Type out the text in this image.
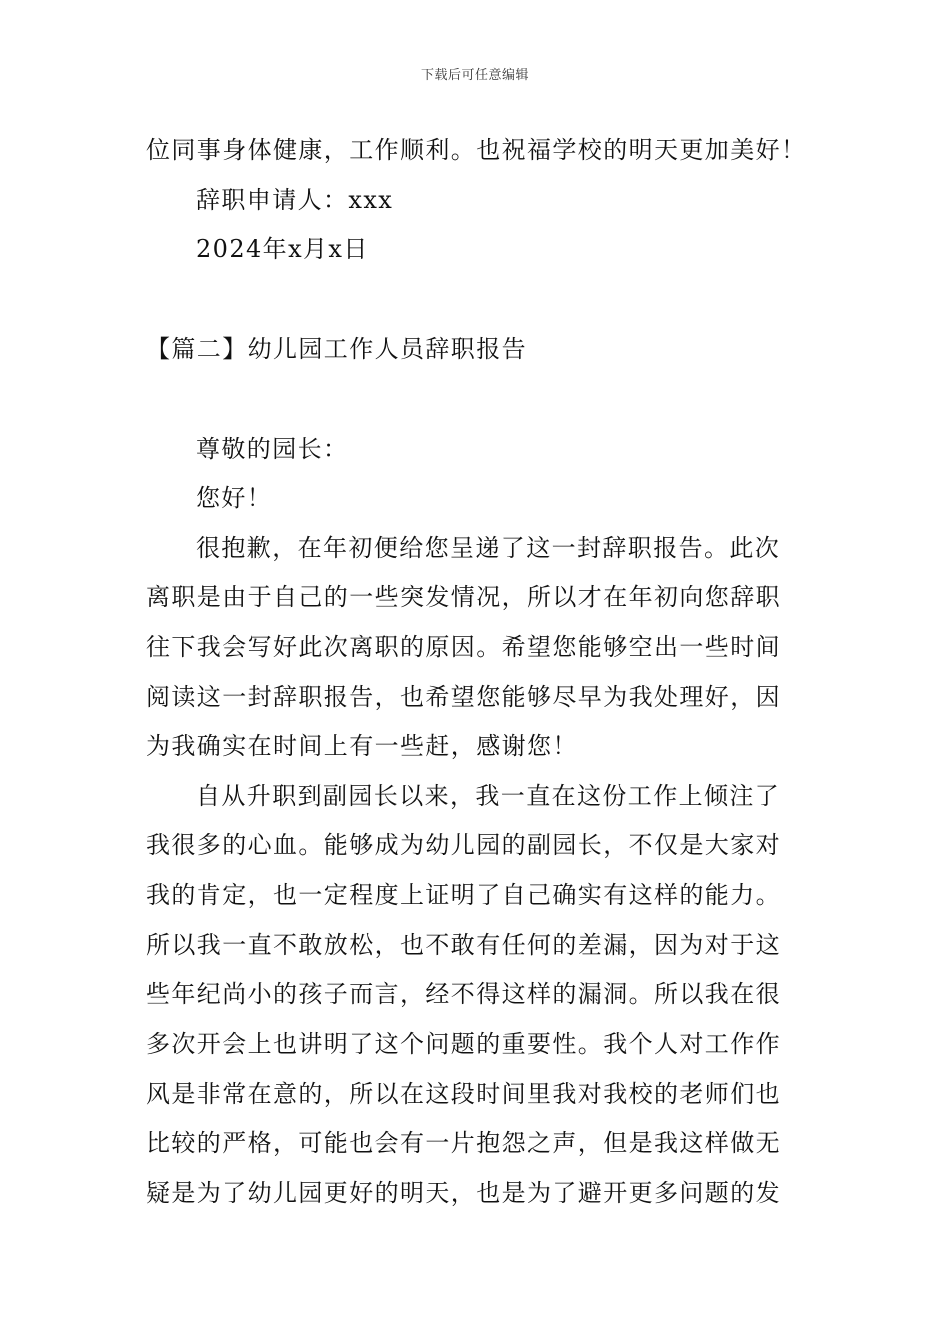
下载后可任意编辑
位同事身体健康，工作顺利。也祝福学校的明天更加美好！
辞职申请人：xxx
2024年x月x日
【篇二】幼儿园工作人员辞职报告
尊敬的园长：
您好！
很抱歉，在年初便给您呈递了这一封辞职报告。此次
离职是由于自己的一些突发情况，所以才在年初向您辞职
往下我会写好此次离职的原因。希望您能够空出一些时间
阅读这一封辞职报告，也希望您能够尽早为我处理好，因
为我确实在时间上有一些赶，感谢您！
自从升职到副园长以来，我一直在这份工作上倾注了
我很多的心血。能够成为幼儿园的副园长，不仅是大家对
我的肯定，也一定程度上证明了自己确实有这样的能力。
所以我一直不敢放松，也不敢有任何的差漏，因为对于这
些年纪尚小的孩子而言，经不得这样的漏洞。所以我在很
多次开会上也讲明了这个问题的重要性。我个人对工作作
风是非常在意的，所以在这段时间里我对我校的老师们也
比较的严格，可能也会有一片抱怨之声，但是我这样做无
疑是为了幼儿园更好的明天，也是为了避开更多问题的发
